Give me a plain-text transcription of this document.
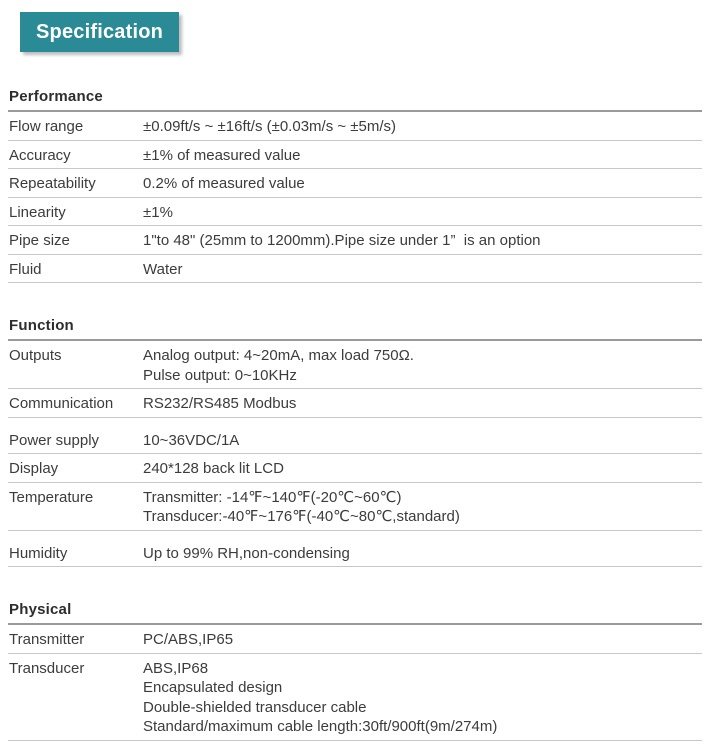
Specification
Performance
Flow range	±0.09ft/s ~ ±16ft/s (±0.03m/s ~ ±5m/s)
Accuracy	±1% of measured value
Repeatability	0.2% of measured value
Linearity	±1%
Pipe size	1"to 48" (25mm to 1200mm).Pipe size under 1”  is an option
Fluid	Water
Function
Outputs	Analog output: 4~20mA, max load 750Ω.
Pulse output: 0~10KHz
Communication	RS232/RS485 Modbus
Power supply	10~36VDC/1A
Display	240*128 back lit LCD
Temperature	Transmitter: -14℉~140℉(-20℃~60℃)
Transducer:-40℉~176℉(-40℃~80℃,standard)
Humidity	Up to 99% RH,non-condensing
Physical
Transmitter	PC/ABS,IP65
Transducer	ABS,IP68
Encapsulated design
Double-shielded transducer cable
Standard/maximum cable length:30ft/900ft(9m/274m)
